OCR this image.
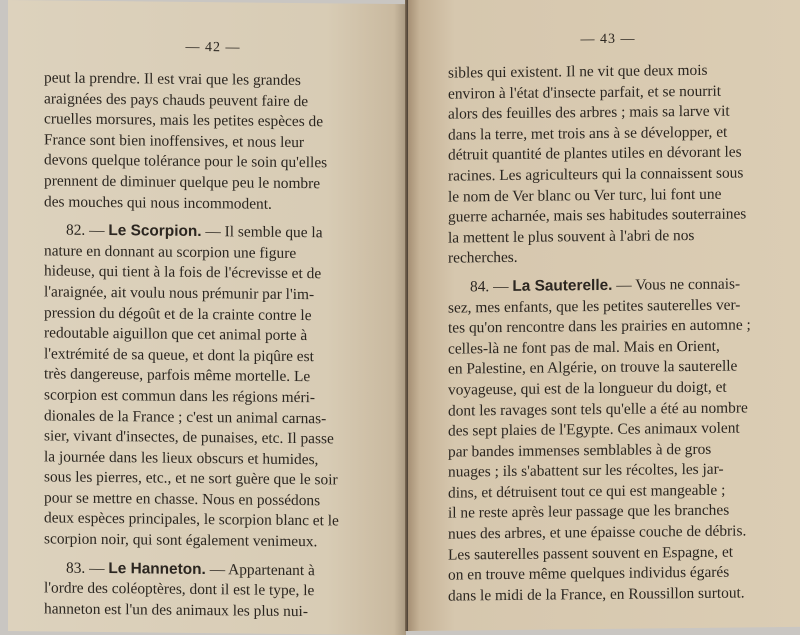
— 42 —
peut la prendre. Il est vrai que les grandes
araignées des pays chauds peuvent faire de
cruelles morsures, mais les petites espèces de
France sont bien inoffensives, et nous leur
devons quelque tolérance pour le soin qu'elles
prennent de diminuer quelque peu le nombre
des mouches qui nous incommodent.
82. — Le Scorpion. — Il semble que la
nature en donnant au scorpion une figure
hideuse, qui tient à la fois de l'écrevisse et de
l'araignée, ait voulu nous prémunir par l'im-
pression du dégoût et de la crainte contre le
redoutable aiguillon que cet animal porte à
l'extrémité de sa queue, et dont la piqûre est
très dangereuse, parfois même mortelle. Le
scorpion est commun dans les régions méri-
dionales de la France ; c'est un animal carnas-
sier, vivant d'insectes, de punaises, etc. Il passe
la journée dans les lieux obscurs et humides,
sous les pierres, etc., et ne sort guère que le soir
pour se mettre en chasse. Nous en possédons
deux espèces principales, le scorpion blanc et le
scorpion noir, qui sont également venimeux.
83. — Le Hanneton. — Appartenant à
l'ordre des coléoptères, dont il est le type, le
hanneton est l'un des animaux les plus nui-
— 43 —
sibles qui existent. Il ne vit que deux mois
environ à l'état d'insecte parfait, et se nourrit
alors des feuilles des arbres ; mais sa larve vit
dans la terre, met trois ans à se développer, et
détruit quantité de plantes utiles en dévorant les
racines. Les agriculteurs qui la connaissent sous
le nom de Ver blanc ou Ver turc, lui font une
guerre acharnée, mais ses habitudes souterraines
la mettent le plus souvent à l'abri de nos
recherches.
84. — La Sauterelle. — Vous ne connais-
sez, mes enfants, que les petites sauterelles ver-
tes qu'on rencontre dans les prairies en automne ;
celles-là ne font pas de mal. Mais en Orient,
en Palestine, en Algérie, on trouve la sauterelle
voyageuse, qui est de la longueur du doigt, et
dont les ravages sont tels qu'elle a été au nombre
des sept plaies de l'Egypte. Ces animaux volent
par bandes immenses semblables à de gros
nuages ; ils s'abattent sur les récoltes, les jar-
dins, et détruisent tout ce qui est mangeable ;
il ne reste après leur passage que les branches
nues des arbres, et une épaisse couche de débris.
Les sauterelles passent souvent en Espagne, et
on en trouve même quelques individus égarés
dans le midi de la France, en Roussillon surtout.
